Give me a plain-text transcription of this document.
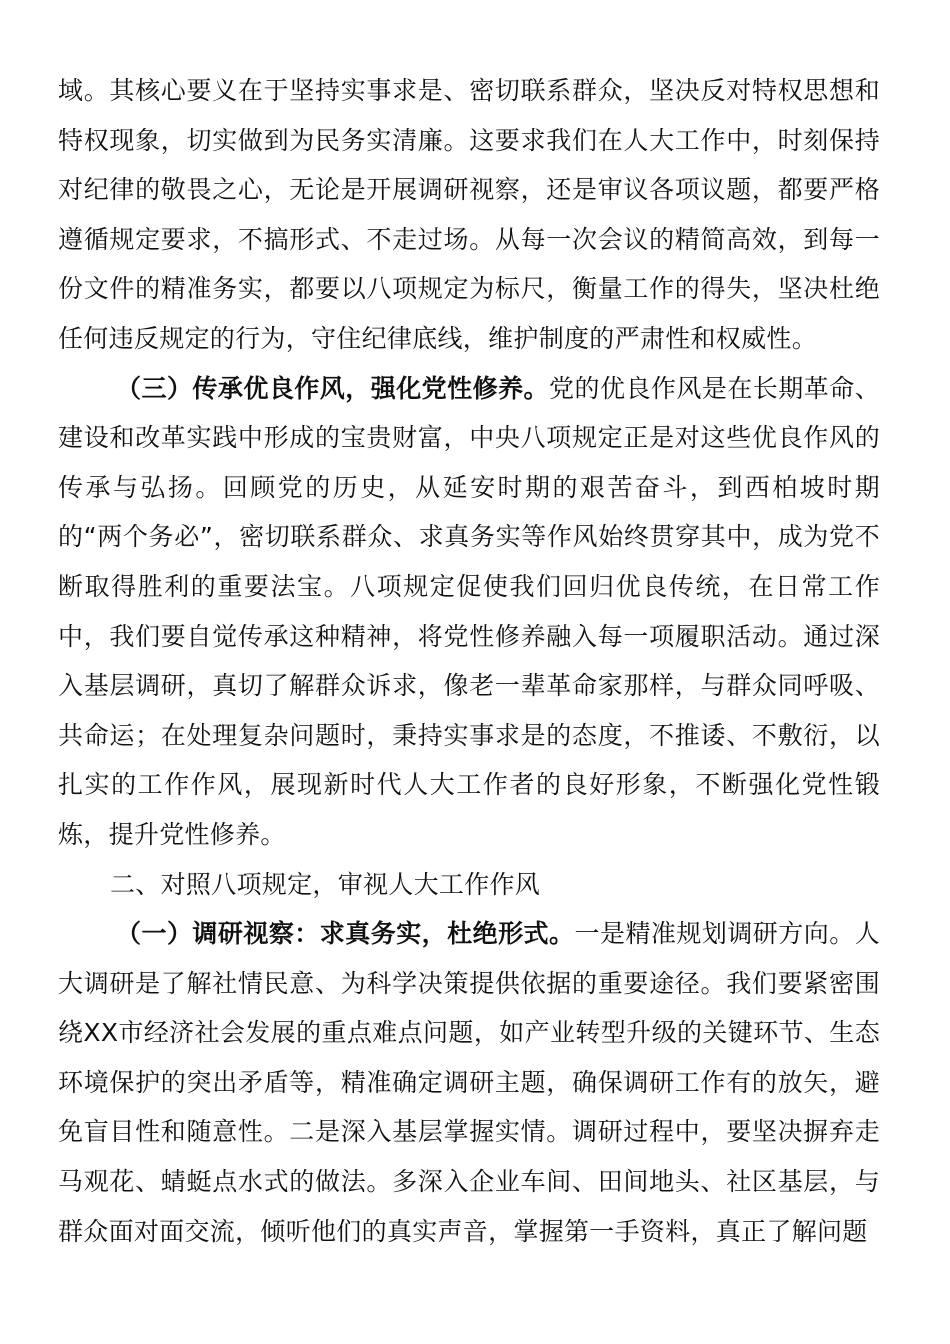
域。其核心要义在于坚持实事求是、密切联系群众，坚决反对特权思想和特权现象，切实做到为民务实清廉。这要求我们在人大工作中，时刻保持对纪律的敬畏之心，无论是开展调研视察，还是审议各项议题，都要严格遵循规定要求，不搞形式、不走过场。从每一次会议的精简高效，到每一份文件的精准务实，都要以八项规定为标尺，衡量工作的得失，坚决杜绝任何违反规定的行为，守住纪律底线，维护制度的严肃性和权威性。

（三）传承优良作风，强化党性修养。党的优良作风是在长期革命、建设和改革实践中形成的宝贵财富，中央八项规定正是对这些优良作风的传承与弘扬。回顾党的历史，从延安时期的艰苦奋斗，到西柏坡时期的“两个务必”，密切联系群众、求真务实等作风始终贯穿其中，成为党不断取得胜利的重要法宝。八项规定促使我们回归优良传统，在日常工作中，我们要自觉传承这种精神，将党性修养融入每一项履职活动。通过深入基层调研，真切了解群众诉求，像老一辈革命家那样，与群众同呼吸、共命运；在处理复杂问题时，秉持实事求是的态度，不推诿、不敷衍，以扎实的工作作风，展现新时代人大工作者的良好形象，不断强化党性锻炼，提升党性修养。

二、对照八项规定，审视人大工作作风

（一）调研视察：求真务实，杜绝形式。一是精准规划调研方向。人大调研是了解社情民意、为科学决策提供依据的重要途径。我们要紧密围绕XX市经济社会发展的重点难点问题，如产业转型升级的关键环节、生态环境保护的突出矛盾等，精准确定调研主题，确保调研工作有的放矢，避免盲目性和随意性。二是深入基层掌握实情。调研过程中，要坚决摒弃走马观花、蜻蜓点水式的做法。多深入企业车间、田间地头、社区基层，与群众面对面交流，倾听他们的真实声音，掌握第一手资料，真正了解问题
